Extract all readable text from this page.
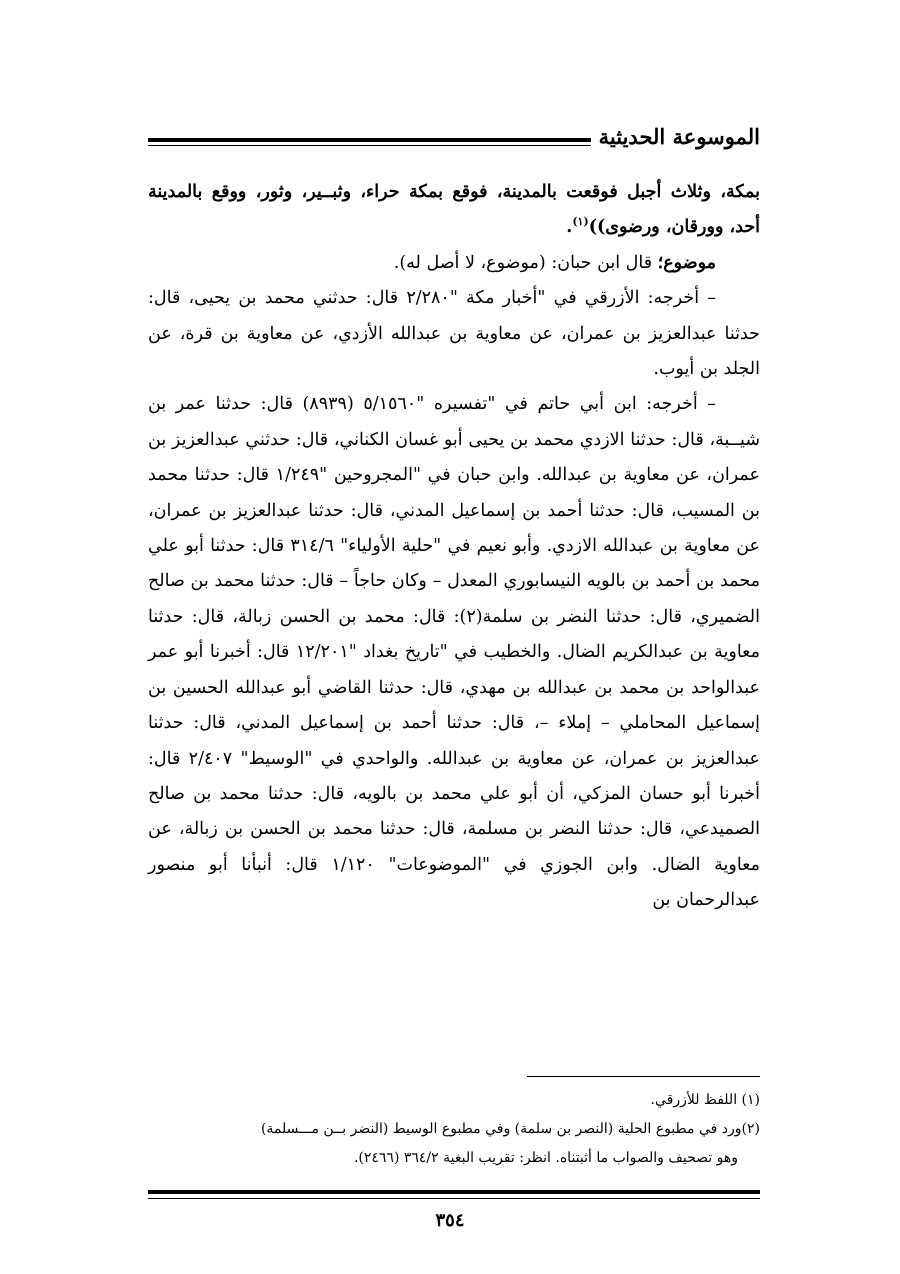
الموسوعة الحديثية

بمكة، وثلاث أجبل فوقعت بالمدينة، فوقع بمكة حراء، وثبــير، وثور، ووقع بالمدينة أحد، وورقان، ورضوى))$^{(١)}$.

موضوع؛ قال ابن حبان: (موضوع، لا أصل له).

– أخرجه: الأزرقي في "أخبار مكة "٢/٢٨٠ قال: حدثني محمد بن يحيى، قال: حدثنا عبدالعزيز بن عمران، عن معاوية بن عبدالله الأزدي، عن معاوية بن قرة، عن الجلد بن أيوب.

– أخرجه: ابن أبي حاتم في "تفسيره "٥/١٥٦٠ (٨٩٣٩) قال: حدثنا عمر بن شيــبة، قال: حدثنا الازدي محمد بن يحيى أبو غسان الكناني، قال: حدثني عبدالعزيز بن عمران، عن معاوية بن عبدالله. وابن حبان في "المجروحين "١/٢٤٩ قال: حدثنا محمد بن المسيب، قال: حدثنا أحمد بن إسماعيل المدني، قال: حدثنا عبدالعزيز بن عمران، عن معاوية بن عبدالله الازدي. وأبو نعيم في "حلية الأولياء" ٣١٤/٦ قال: حدثنا أبو علي محمد بن أحمد بن بالويه النيسابوري المعدل – وكان حاجاً – قال: حدثنا محمد بن صالح الضميري، قال: حدثنا النضر بن سلمة(٢): قال: محمد بن الحسن زبالة، قال: حدثنا معاوية بن عبدالكريم الضال. والخطيب في "تاريخ بغداد "١٢/٢٠١ قال: أخبرنا أبو عمر عبدالواحد بن محمد بن عبدالله بن مهدي، قال: حدثنا القاضي أبو عبدالله الحسين بن إسماعيل المحاملي – إملاء –، قال: حدثنا أحمد بن إسماعيل المدني، قال: حدثنا عبدالعزيز بن عمران، عن معاوية بن عبدالله. والواحدي في "الوسيط" ٢/٤٠٧ قال: أخبرنا أبو حسان المزكي، أن أبو علي محمد بن بالويه، قال: حدثنا محمد بن صالح الصميدعي، قال: حدثنا النضر بن مسلمة، قال: حدثنا محمد بن الحسن بن زبالة، عن معاوية الضال. وابن الجوزي في "الموضوعات" ١/١٢٠ قال: أنبأنا أبو منصور عبدالرحمان بن

(١) اللفظ للأزرقي.

(٢)ورد في مطبوع الحلية (النصر بن سلمة) وفي مطبوع الوسيط (النضر بــن مـــسلمة)

وهو تصحيف والصواب ما أثبتناه. انظر: تقريب البغية ٣٦٤/٢ (٢٤٦٦).

٣٥٤
